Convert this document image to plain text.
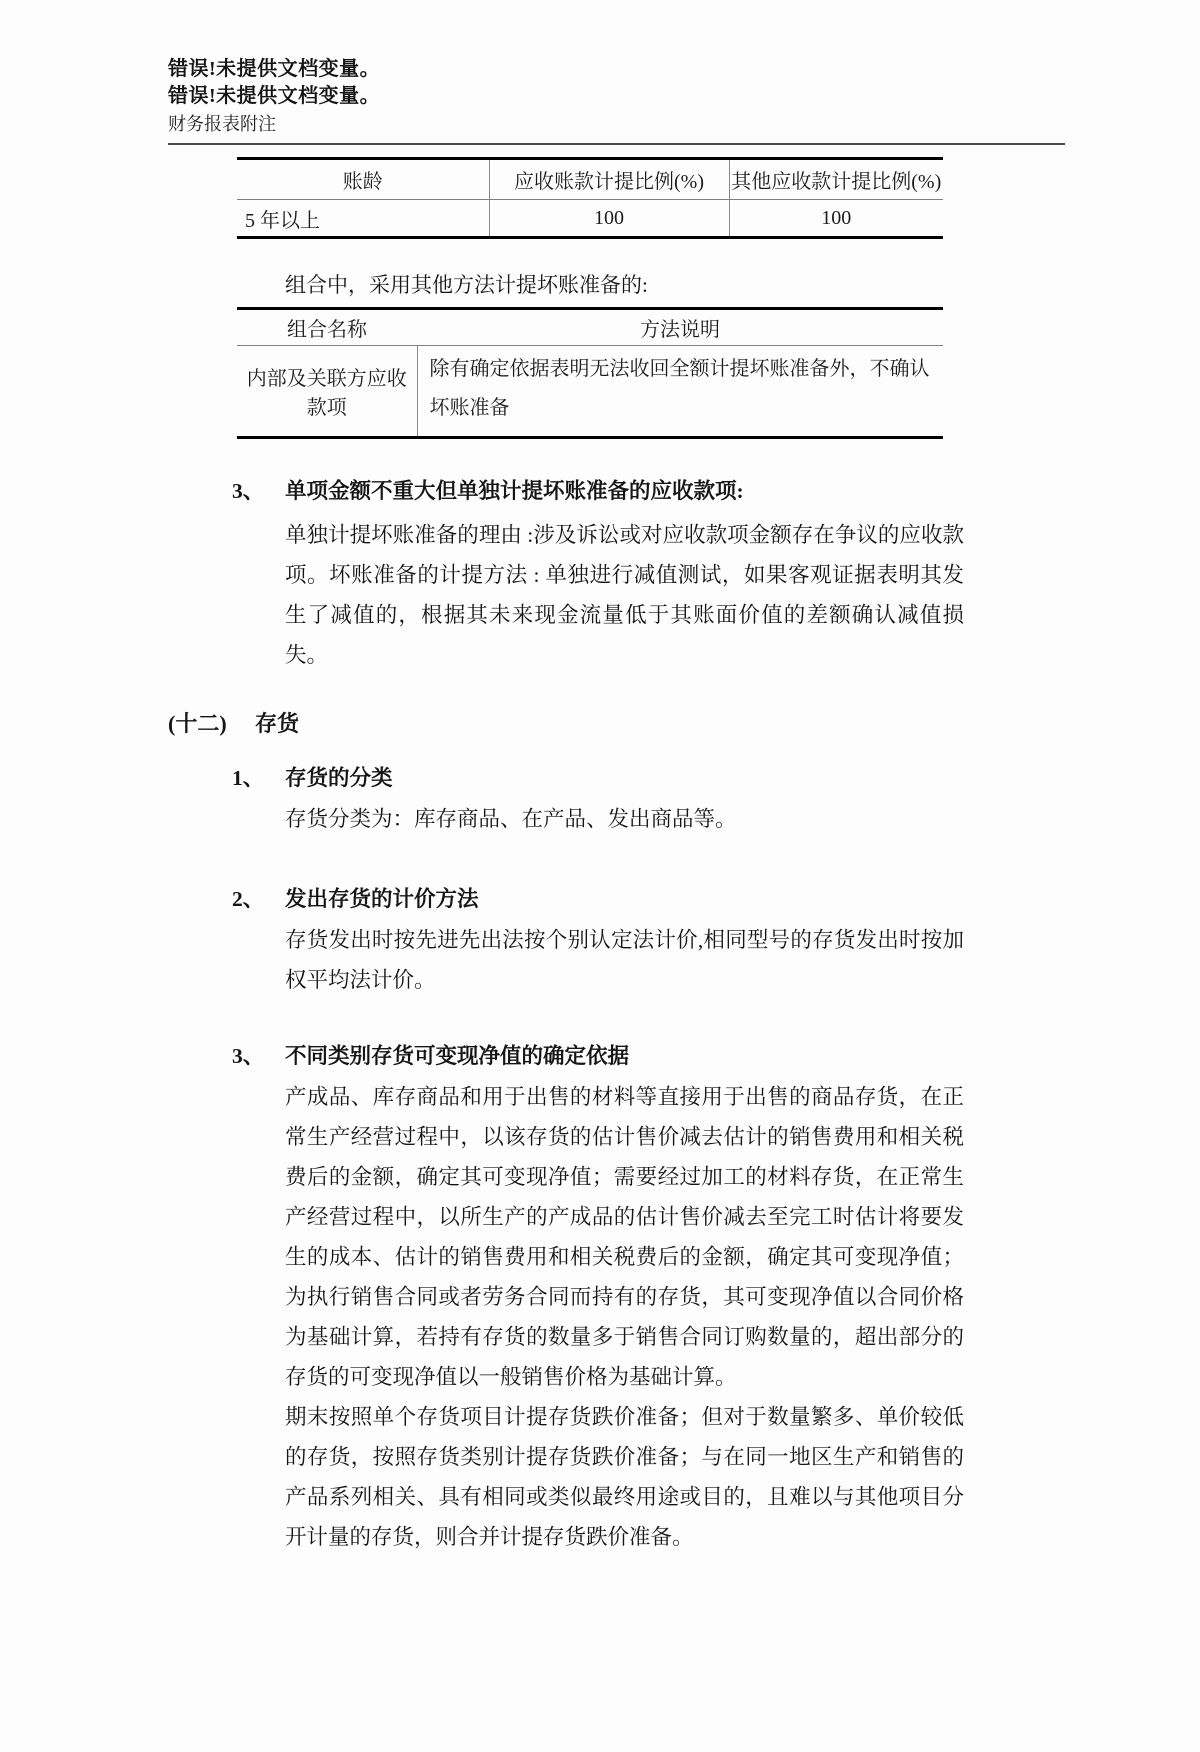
错误!未提供文档变量。
错误!未提供文档变量。
财务报表附注
账龄	应收账款计提比例(%)	其他应收款计提比例(%)
5 年以上	100	100

组合中，采用其他方法计提坏账准备的:

组合名称	方法说明
内部及关联方应收款项	除有确定依据表明无法收回全额计提坏账准备外，不确认坏账准备
3、 单项金额不重大但单独计提坏账准备的应收款项:

单独计提坏账准备的理由 :涉及诉讼或对应收款项金额存在争议的应收款项。坏账准备的计提方法 : 单独进行减值测试，如果客观证据表明其发生了减值的，根据其未来现金流量低于其账面价值的差额确认减值损失。

(十二)	存货
1、 存货的分类

存货分类为：库存商品、在产品、发出商品等。

2、 发出存货的计价方法

存货发出时按先进先出法按个别认定法计价,相同型号的存货发出时按加权平均法计价。

3、 不同类别存货可变现净值的确定依据

产成品、库存商品和用于出售的材料等直接用于出售的商品存货，在正常生产经营过程中，以该存货的估计售价减去估计的销售费用和相关税费后的金额，确定其可变现净值；需要经过加工的材料存货，在正常生产经营过程中，以所生产的产成品的估计售价减去至完工时估计将要发生的成本、估计的销售费用和相关税费后的金额，确定其可变现净值；为执行销售合同或者劳务合同而持有的存货，其可变现净值以合同价格为基础计算，若持有存货的数量多于销售合同订购数量的，超出部分的存货的可变现净值以一般销售价格为基础计算。

期末按照单个存货项目计提存货跌价准备；但对于数量繁多、单价较低的存货，按照存货类别计提存货跌价准备；与在同一地区生产和销售的产品系列相关、具有相同或类似最终用途或目的，且难以与其他项目分开计量的存货，则合并计提存货跌价准备。
